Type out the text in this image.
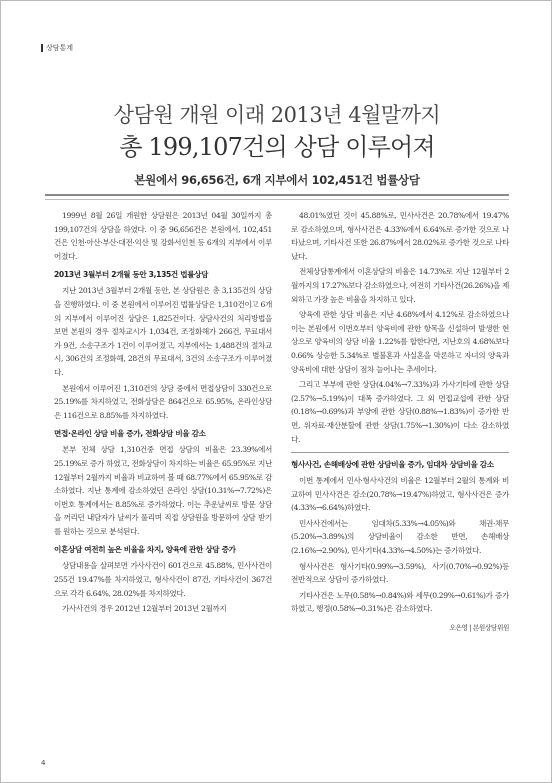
상담통계
상담원 개원 이래 2013년 4월말까지
총 199,107건의 상담 이루어져
본원에서 96,656건, 6개 지부에서 102,451건 법률상담

1999년 8월 26일 개원한 상담원은 2013년 04월 30일까지 총 199,107건의 상담을 하였다. 이 중 96,656건은 본원에서, 102,451건은 인천·아산·부산·대전·익산 및 강화서인천 등 6개의 지부에서 이루어졌다.

2013년 3월부터 2개월 동안 3,135건 법률상담

지난 2013년 3월부터 2개월 동안, 본 상담원은 총 3,135건의 상담을 진행하였다. 이 중 본원에서 이루어진 법률상담은 1,310건이고 6개의 지부에서 이루어진 상담은 1,825건이다. 상담사건의 처리방법을 보면 본원의 경우 절차교시가 1,034건, 조정화해가 266건, 무료대서가 9건, 소송구조가 1건이 이루어졌고, 지부에서는 1,488건의 절차교시, 306건의 조정화해, 28건의 무료대서, 3건의 소송구조가 이루어졌다.

본원에서 이루어진 1,310건의 상담 중에서 면접상담이 330건으로 25.19%를 차지하였고, 전화상담은 864건으로 65.95%, 온라인상담은 116건으로 8.85%를 차지하였다.

면접·온라인 상담 비율 증가, 전화상담 비율 감소

본부 전체 상담 1,310건중 면접 상담의 비율은 23.39%에서 25.19%로 증가 하였고, 전화상담이 차지하는 비율은 65.95%로 지난 12월부터 2월까지 비율과 비교하여 볼 때 68.77%에서 65.95%로 감소하였다. 지난 통계에 감소하였던 온라인 상담(10.31%→7.72%)은 이번호 통계에서는 8.85%로 증가하였다. 이는 추운날씨로 방문 상담을 꺼리던 내담자가 날씨가 풀리며 직접 상담원을 방문하여 상담 받기를 원하는 것으로 분석된다.

이혼상담 여전히 높은 비율을 차지, 양육에 관한 상담 증가

상담내용을 살펴보면 가사사건이 601건으로 45.88%, 민사사건이 255건 19.47%를 차지하였고, 형사사건이 87건, 기타사건이 367건으로 각각 6.64%, 28.02%를 차지하였다.

가사사건의 경우 2012년 12월부터 2013년 2월까지

48.01%였던 것이 45.88%로, 민사사건은 20.78%에서 19.47%로 감소하였으며, 형사사건은 4.33%에서 6.64%로 증가한 것으로 나타났으며, 기타사건 또한 26.87%에서 28.02%로 증가한 것으로 나타났다.

전체상담통계에서 이혼상담의 비율은 14.73%로 지난 12월부터 2월까지의 17.27%보다 감소하였으나, 여전히 기타사건(26.26%)을 제외하고 가장 높은 비율을 차지하고 있다.

양육에 관한 상담 비율은 지난 4.68%에서 4.12%로 감소하였으나 이는 본원에서 이번호부터 양육비에 관한 항목을 신설하여 발생한 현상으로 양육비의 상담 비율 1.22%를 합한다면, 지난호의 4.68%보다 0.66% 상승한 5.34%로 별불혼과 사실혼을 막론하고 자녀의 양육과 양육비에 대한 상담이 점차 늘어나는 추세이다.

그리고 부부에 관한 상담(4.04%→7.33%)과 가사기타에 관한 상담(2.57%→5.19%)이 대폭 증가하였다. 그 외 면접교섭에 관한 상담(0.18%→0.69%)과 부양에 관한 상담(0.88%→1.83%)이 증가한 반면, 위자료·재산분할에 관한 상담(1.75%→1.30%)이 다소 감소하였다.

형사사건, 손해배상에 관한 상담비율 증가, 임대차 상담비율 감소

이번 통계에서 민사·형사사건의 비율은 12월부터 2월의 통계와 비교하여 민사사건은 감소(20.78%→19.47%)하였고, 형사사건은 증가(4.33%→6.64%)하였다.

민사사건에서는 임대차(5.33%→4.05%)와 채권·채무(5.20%→3.89%)의 상담비율이 감소한 반면, 손해배상(2.16%→2.90%), 민사기타(4.33%→4.50%)는 증가하였다.

형사사건은 형사기타(0.99%→3.59%), 사기(0.70%→0.92%)등 전반적으로 상담이 증가하였다.

기타사건은 노무(0.58%→0.84%)와 세무(0.29%→0.61%)가 증가하였고, 행정(0.58%→0.31%)은 감소하였다.

오은영 | 본원상담위원
4
